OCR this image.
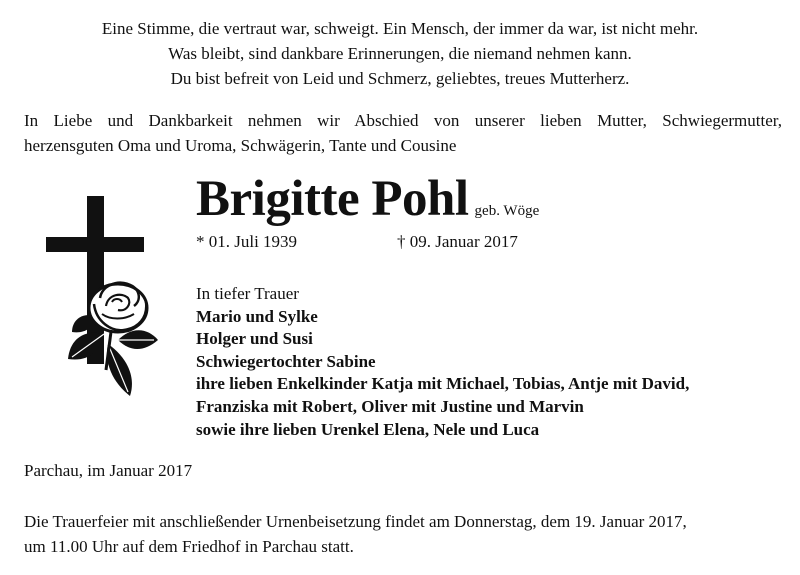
Eine Stimme, die vertraut war, schweigt. Ein Mensch, der immer da war, ist nicht mehr.
Was bleibt, sind dankbare Erinnerungen, die niemand nehmen kann.
Du bist befreit von Leid und Schmerz, geliebtes, treues Mutterherz.
In Liebe und Dankbarkeit nehmen wir Abschied von unserer lieben Mutter, Schwiegermutter,
herzensguten Oma und Uroma, Schwägerin, Tante und Cousine
Brigitte Pohl geb. Wöge
* 01. Juli 1939	† 09. Januar 2017
In tiefer Trauer
Mario und Sylke
Holger und Susi
Schwiegertochter Sabine
ihre lieben Enkelkinder Katja mit Michael, Tobias, Antje mit David,
Franziska mit Robert, Oliver mit Justine und Marvin
sowie ihre lieben Urenkel Elena, Nele und Luca
Parchau, im Januar 2017
Die Trauerfeier mit anschließender Urnenbeisetzung findet am Donnerstag, dem 19. Januar 2017,
um 11.00 Uhr auf dem Friedhof in Parchau statt.
